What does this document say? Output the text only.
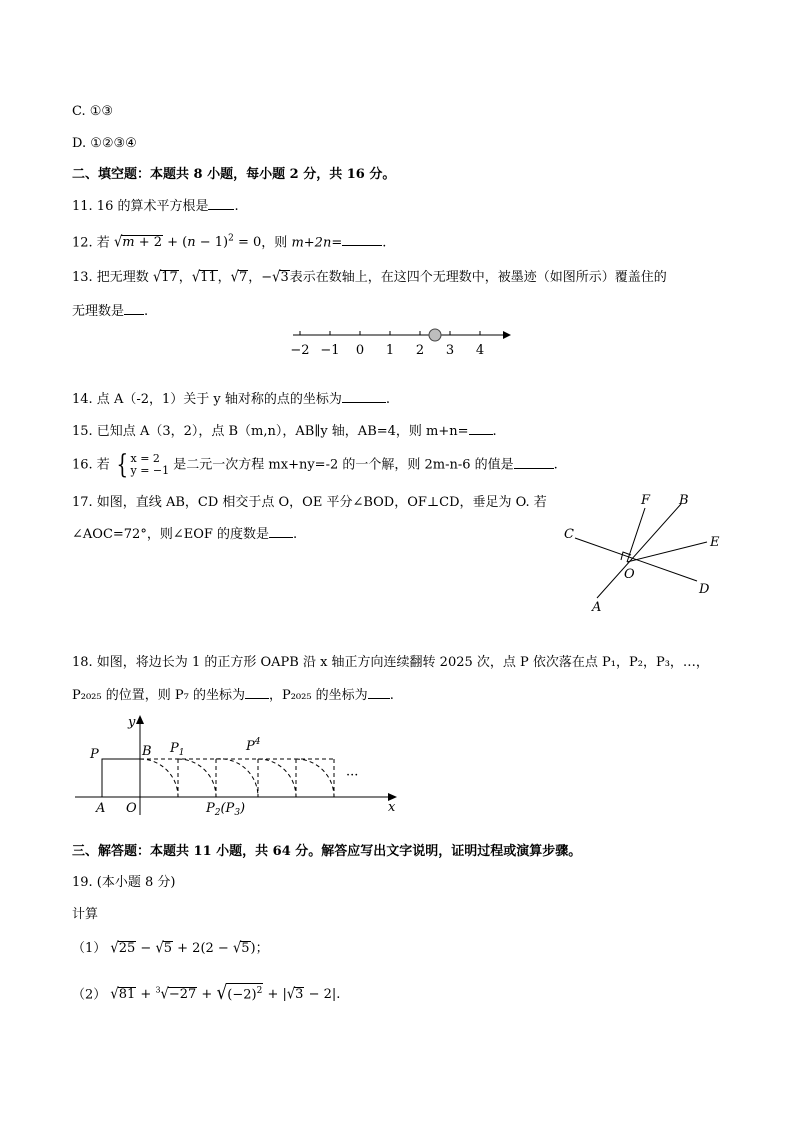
C. ①③
D. ①②③④
二、填空题：本题共 8 小题，每小题 2 分，共 16 分。
11. 16 的算术平方根是 .
12. 若 $√m + 2 + (n - 1)^2 = 0$，则 m+2n=	.
13. 把无理数 √17，√11，√7，−√3表示在数轴上，在这四个无理数中，被墨迹（如图所示）覆盖住的
无理数是 .
−2 −1 0 1 2 3 4
14. 点 A（-2，1）关于 y 轴对称的点的坐标为	.
15. 已知点 A（3，2），点 B（m,n），AB∥y 轴，AB=4，则 m+n= .
16. 若 { x = 2
y = −1 是二元一次方程 mx+ny=-2 的一个解，则 2m-n-6 的值是	.
17. 如图，直线 AB，CD 相交于点 O，OE 平分∠BOD，OF⊥CD，垂足为 O. 若
∠AOC=72°，则∠EOF 的度数是 .
F B
C
E
O
D
A
18. 如图，将边长为 1 的正方形 OAPB 沿 x 轴正方向连续翻转 2025 次，点 P 依次落在点 P₁，P₂，P₃，…，
P₂₀₂₅ 的位置，则 P₇ 的坐标为 ，P₂₀₂₅ 的坐标为 .
y
x
P	B
A O
$P_1$	$P^4$
$P_2(P_3)$
···
三、解答题：本题共 11 小题，共 64 分。解答应写出文字说明，证明过程或演算步骤。
19. (本小题 8 分)
计算
（1） √25 − √5 + 2(2 − √5)；
（2） $√81 + ^3√-27 + √(-2)^2 + |√3 - 2|$.
